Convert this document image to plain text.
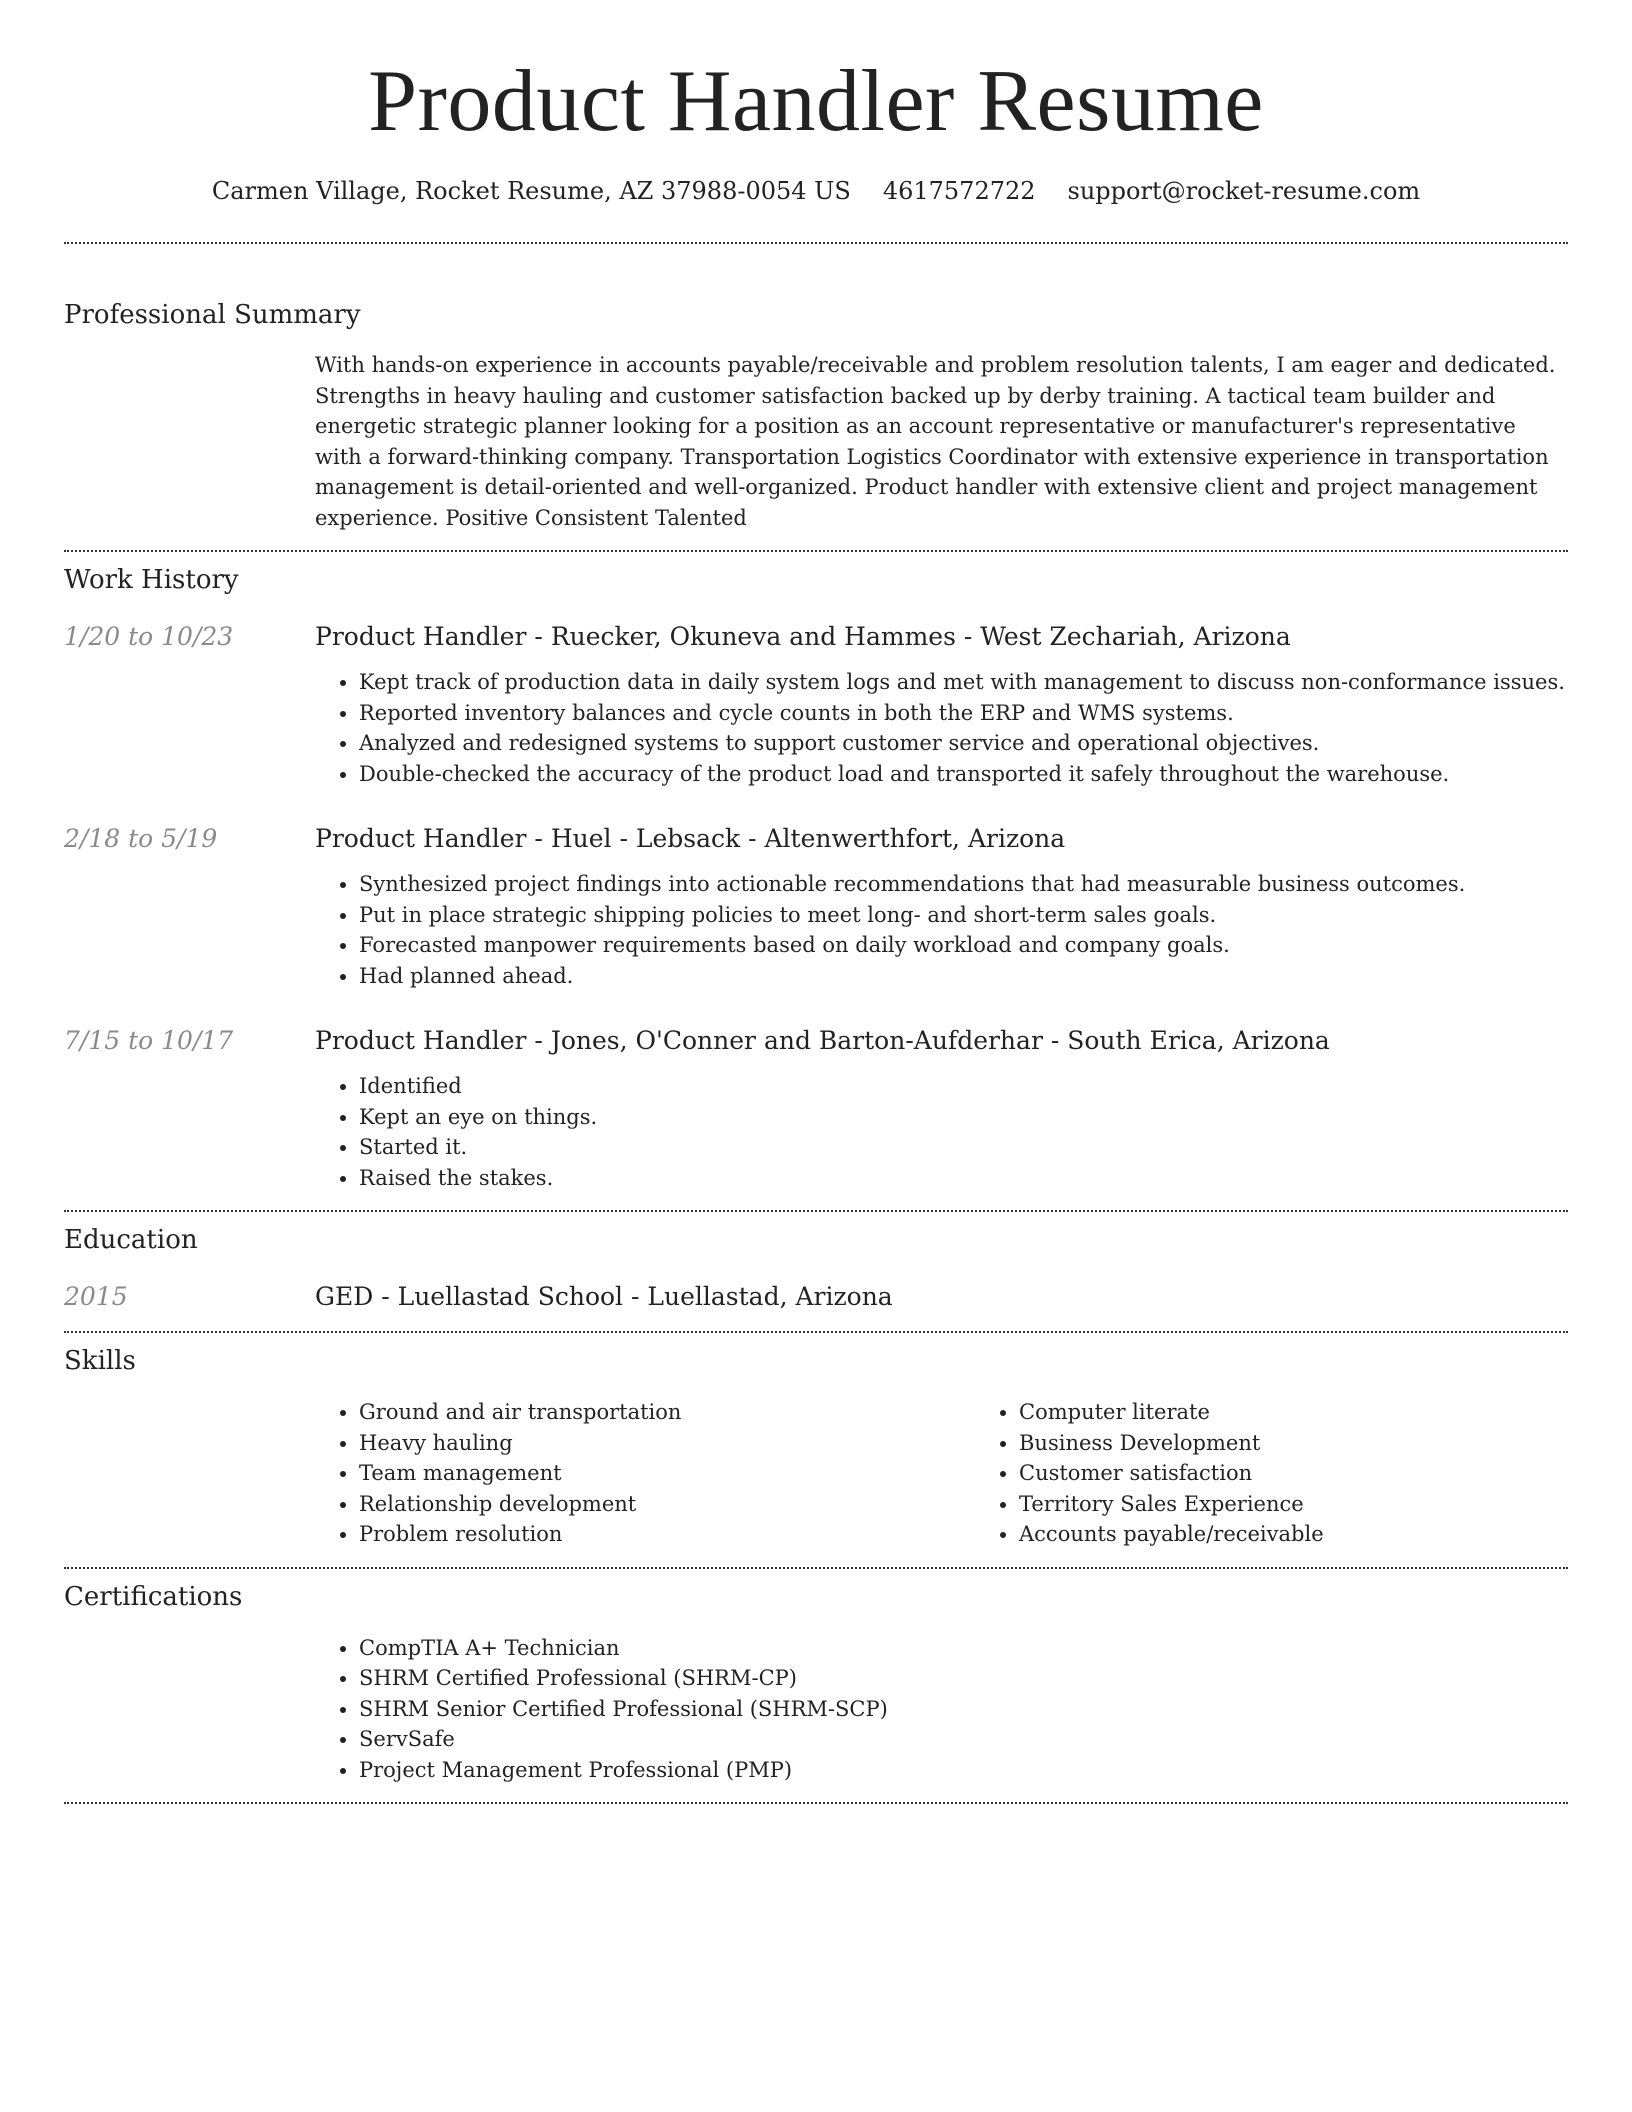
Product Handler Resume
Carmen Village, Rocket Resume, AZ 37988-0054 US 4617572722 support@rocket-resume.com
Professional Summary
With hands-on experience in accounts payable/receivable and problem resolution talents, I am eager and dedicated. Strengths in heavy hauling and customer satisfaction backed up by derby training. A tactical team builder and energetic strategic planner looking for a position as an account representative or manufacturer's representative with a forward-thinking company. Transportation Logistics Coordinator with extensive experience in transportation management is detail-oriented and well-organized. Product handler with extensive client and project management experience. Positive Consistent Talented
Work History
1/20 to 10/23	Product Handler - Ruecker, Okuneva and Hammes - West Zechariah, Arizona
• Kept track of production data in daily system logs and met with management to discuss non-conformance issues.
• Reported inventory balances and cycle counts in both the ERP and WMS systems.
• Analyzed and redesigned systems to support customer service and operational objectives.
• Double-checked the accuracy of the product load and transported it safely throughout the warehouse.
2/18 to 5/19	Product Handler - Huel - Lebsack - Altenwerthfort, Arizona
• Synthesized project findings into actionable recommendations that had measurable business outcomes.
• Put in place strategic shipping policies to meet long- and short-term sales goals.
• Forecasted manpower requirements based on daily workload and company goals.
• Had planned ahead.
7/15 to 10/17	Product Handler - Jones, O'Conner and Barton-Aufderhar - South Erica, Arizona
• Identified
• Kept an eye on things.
• Started it.
• Raised the stakes.
Education
2015	GED - Luellastad School - Luellastad, Arizona
Skills
• Ground and air transportation
• Heavy hauling
• Team management
• Relationship development
• Problem resolution
• Computer literate
• Business Development
• Customer satisfaction
• Territory Sales Experience
• Accounts payable/receivable
Certifications
• CompTIA A+ Technician
• SHRM Certified Professional (SHRM-CP)
• SHRM Senior Certified Professional (SHRM-SCP)
• ServSafe
• Project Management Professional (PMP)
